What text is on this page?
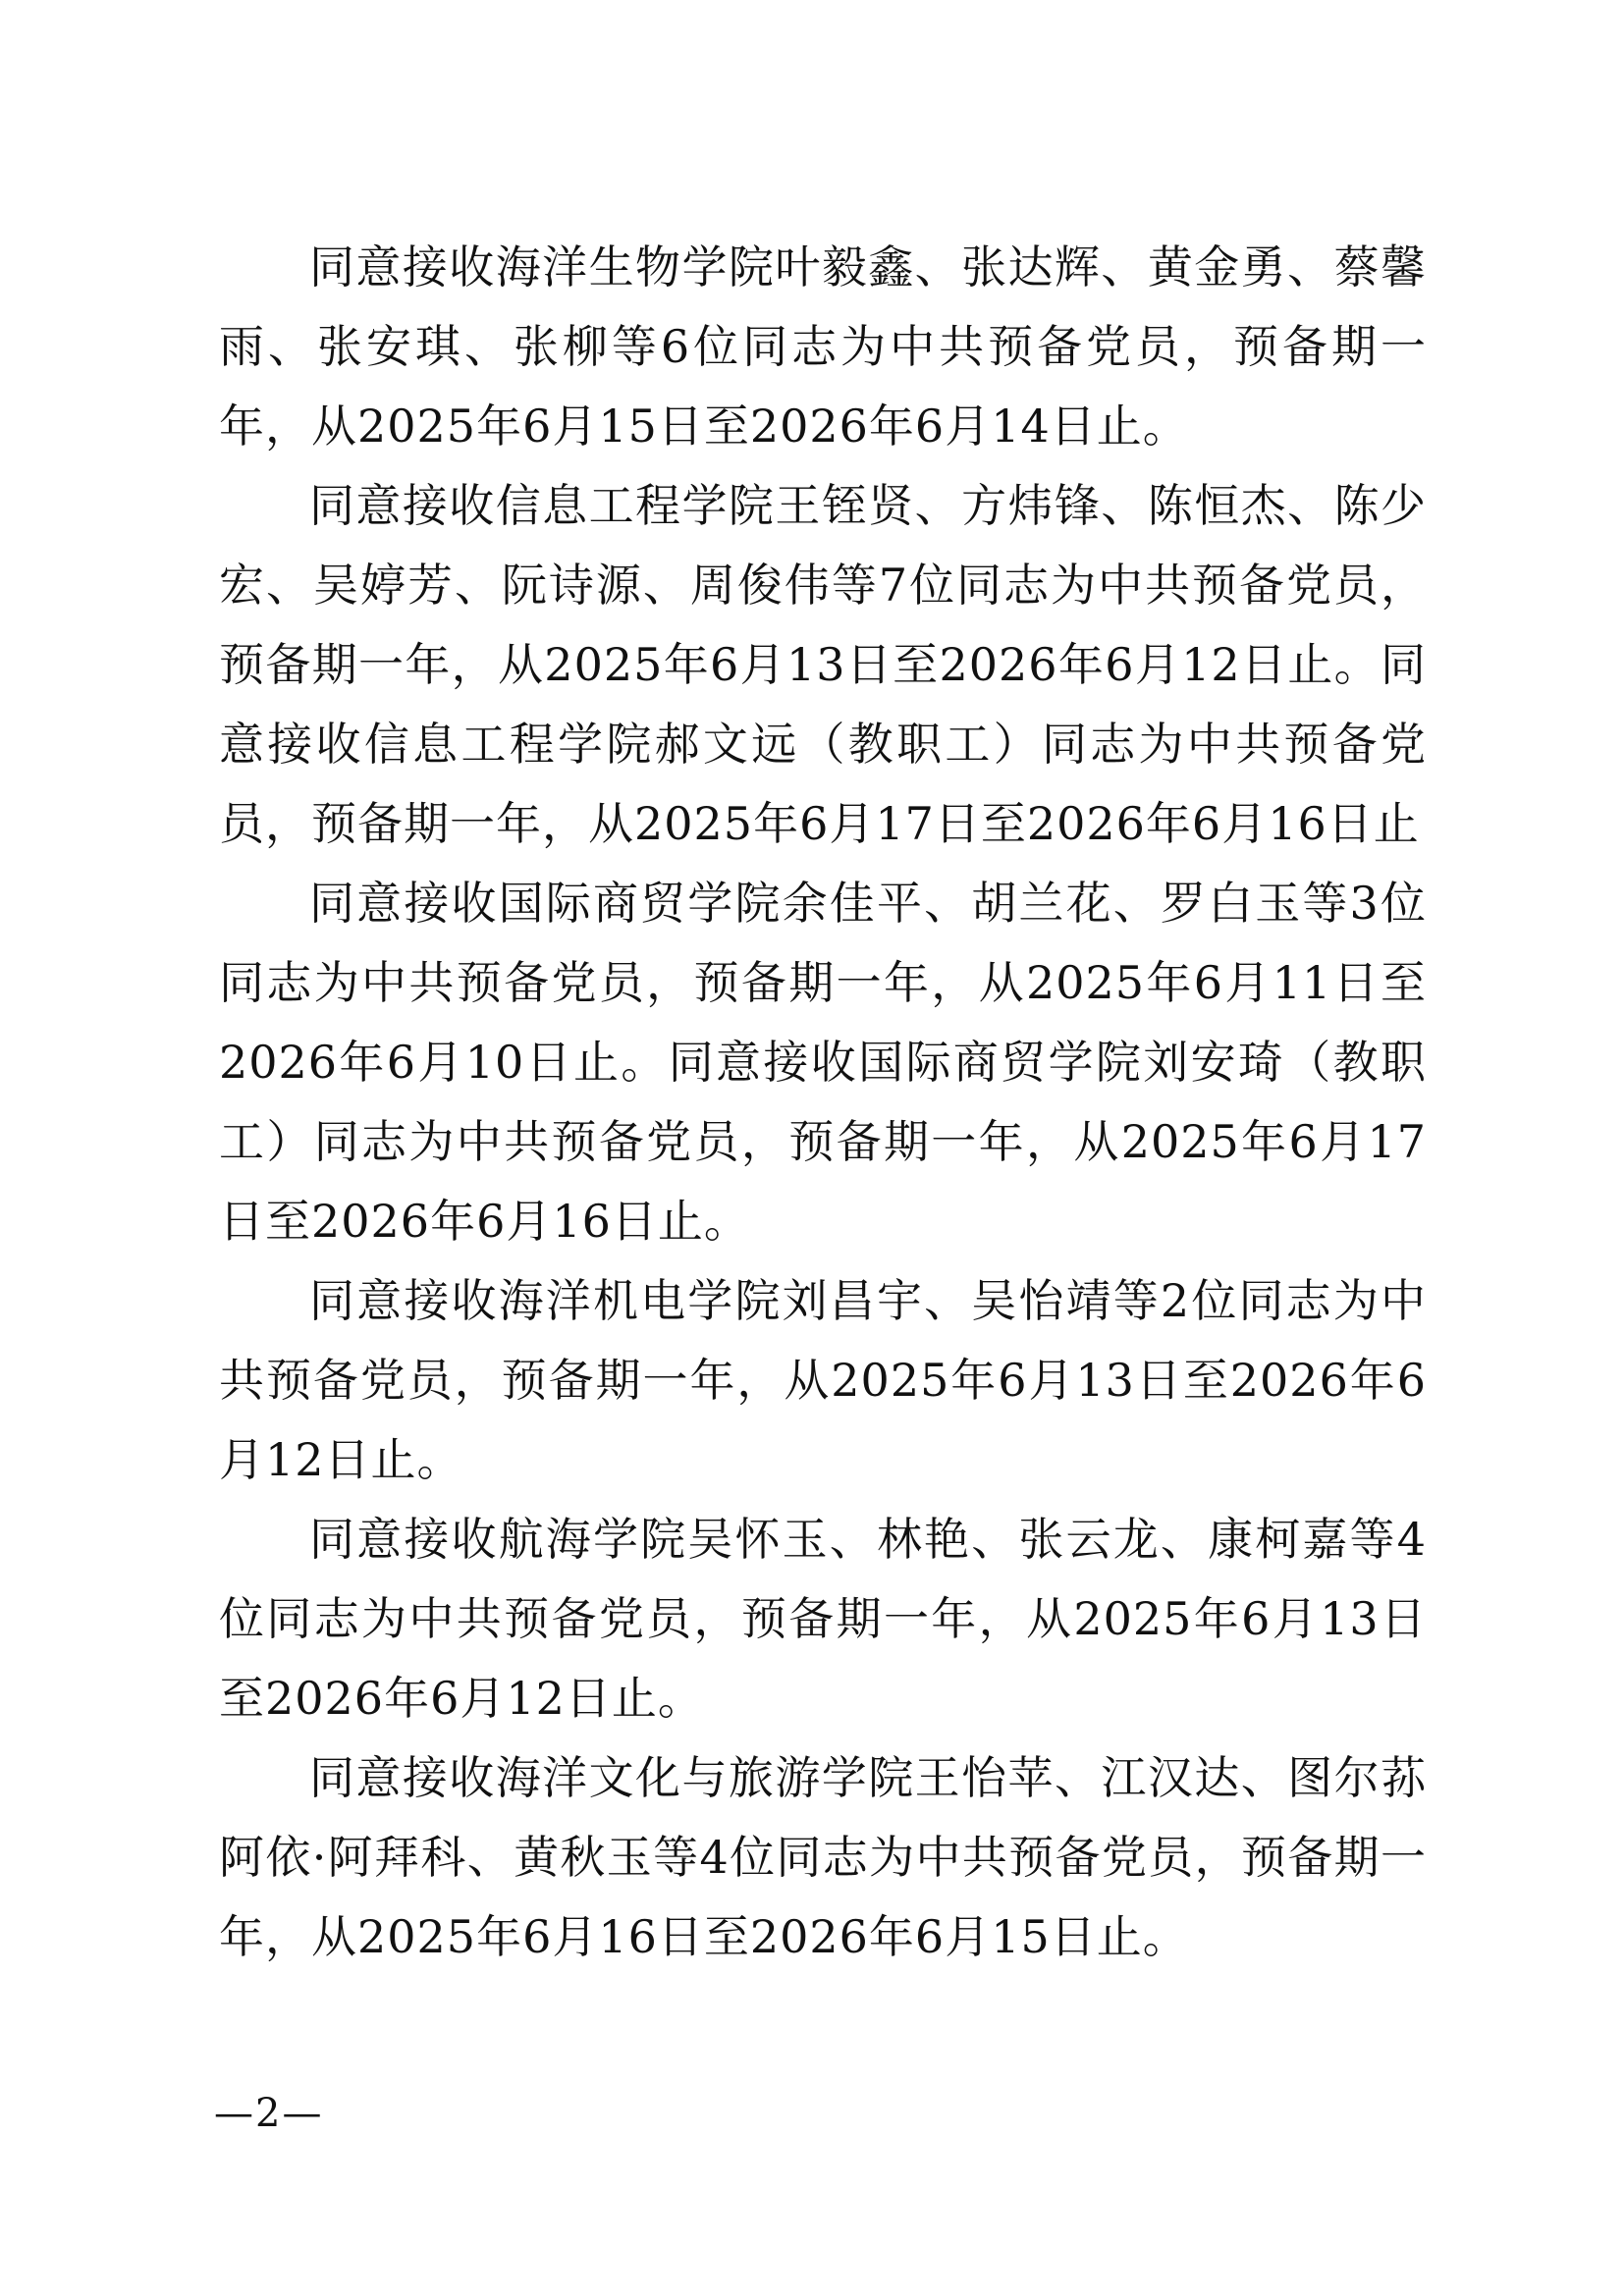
同意接收海洋生物学院叶毅鑫、张达辉、黄金勇、蔡馨雨、张安琪、张柳等6位同志为中共预备党员，预备期一年，从2025年6月15日至2026年6月14日止。

同意接收信息工程学院王铚贤、方炜锋、陈恒杰、陈少宏、吴婷芳、阮诗源、周俊伟等7位同志为中共预备党员，预备期一年，从2025年6月13日至2026年6月12日止。同意接收信息工程学院郝文远（教职工）同志为中共预备党员，预备期一年，从2025年6月17日至2026年6月16日止

同意接收国际商贸学院余佳平、胡兰花、罗白玉等3位同志为中共预备党员，预备期一年，从2025年6月11日至2026年6月10日止。同意接收国际商贸学院刘安琦（教职工）同志为中共预备党员，预备期一年，从2025年6月17日至2026年6月16日止。

同意接收海洋机电学院刘昌宇、吴怡靖等2位同志为中共预备党员，预备期一年，从2025年6月13日至2026年6月12日止。

同意接收航海学院吴怀玉、林艳、张云龙、康柯嘉等4位同志为中共预备党员，预备期一年，从2025年6月13日至2026年6月12日止。

同意接收海洋文化与旅游学院王怡苹、江汉达、图尔荪阿依·阿拜科、黄秋玉等4位同志为中共预备党员，预备期一年，从2025年6月16日至2026年6月15日止。

—2—
